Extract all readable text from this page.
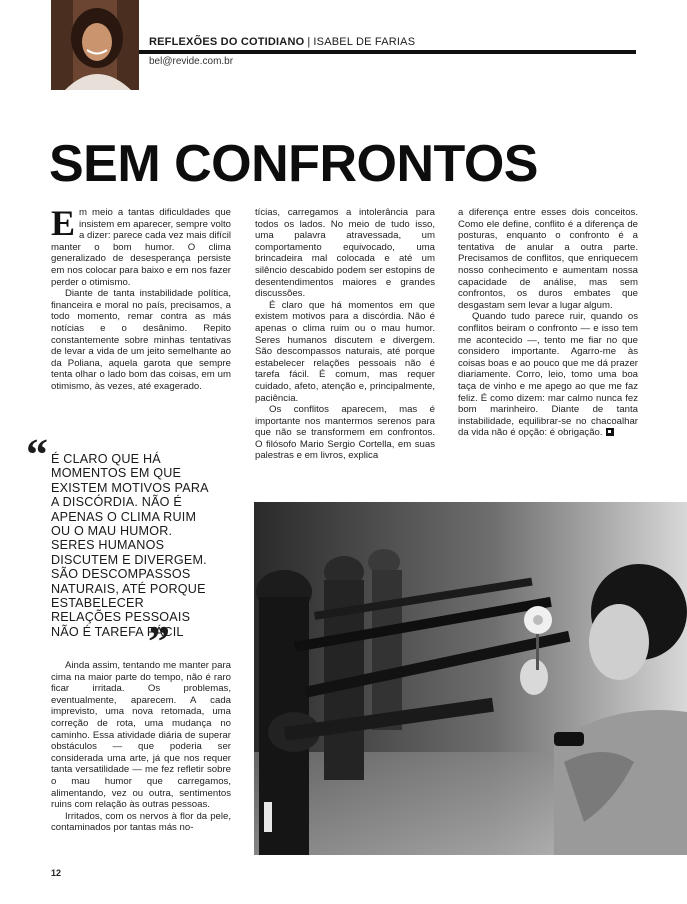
REFLEXÕES DO COTIDIANO | ISABEL DE FARIAS
bel@revide.com.br
SEM CONFRONTOS

Em meio a tantas dificuldades que insistem em aparecer, sempre volto a dizer: parece cada vez mais difícil manter o bom humor. O clima generalizado de desesperança persiste em nos colocar para baixo e em nos fazer perder o otimismo.

Diante de tanta instabilidade política, financeira e moral no país, precisamos, a todo momento, remar contra as más notícias e o desânimo. Repito constantemente sobre minhas tentativas de levar a vida de um jeito semelhante ao da Poliana, aquela garota que sempre tenta olhar o lado bom das coisas, em um otimismo, às vezes, até exagerado.

“ É CLARO QUE HÁ MOMENTOS EM QUE EXISTEM MOTIVOS PARA A DISCÓRDIA. NÃO É APENAS O CLIMA RUIM OU O MAU HUMOR. SERES HUMANOS DISCUTEM E DIVERGEM. SÃO DESCOMPASSOS NATURAIS, ATÉ PORQUE ESTABELECER RELAÇÕES PESSOAIS NÃO É TAREFA FÁCIL
”

Ainda assim, tentando me manter para cima na maior parte do tempo, não é raro ficar irritada. Os problemas, eventualmente, aparecem. A cada imprevisto, uma nova retomada, uma correção de rota, uma mudança no caminho. Essa atividade diária de superar obstáculos — que poderia ser considerada uma arte, já que nos requer tanta versatilidade — me fez refletir sobre o mau humor que carregamos, alimentando, vez ou outra, sentimentos ruins com relação às outras pessoas.

Irritados, com os nervos à flor da pele, contaminados por tantas más no-

tícias, carregamos a intolerância para todos os lados. No meio de tudo isso, uma palavra atravessada, um comportamento equivocado, uma brincadeira mal colocada e até um silêncio descabido podem ser estopins de desentendimentos maiores e grandes discussões.

É claro que há momentos em que existem motivos para a discórdia. Não é apenas o clima ruim ou o mau humor. Seres humanos discutem e divergem. São descompassos naturais, até porque estabelecer relações pessoais não é tarefa fácil. É comum, mas requer cuidado, afeto, atenção e, principalmente, paciência.

Os conflitos aparecem, mas é importante nos mantermos serenos para que não se transformem em confrontos. O filósofo Mario Sergio Cortella, em suas palestras e em livros, explica

a diferença entre esses dois conceitos. Como ele define, conflito é a diferença de posturas, enquanto o confronto é a tentativa de anular a outra parte. Precisamos de conflitos, que enriquecem nosso conhecimento e aumentam nossa capacidade de análise, mas sem confrontos, os duros embates que desgastam sem levar a lugar algum.

Quando tudo parece ruir, quando os conflitos beiram o confronto — e isso tem me acontecido —, tento me fiar no que considero importante. Agarro-me às coisas boas e ao pouco que me dá prazer diariamente. Corro, leio, tomo uma boa taça de vinho e me apego ao que me faz feliz. É como dizem: mar calmo nunca fez bom marinheiro. Diante de tanta instabilidade, equilibrar-se no chacoalhar da vida não é opção: é obrigação.

12
